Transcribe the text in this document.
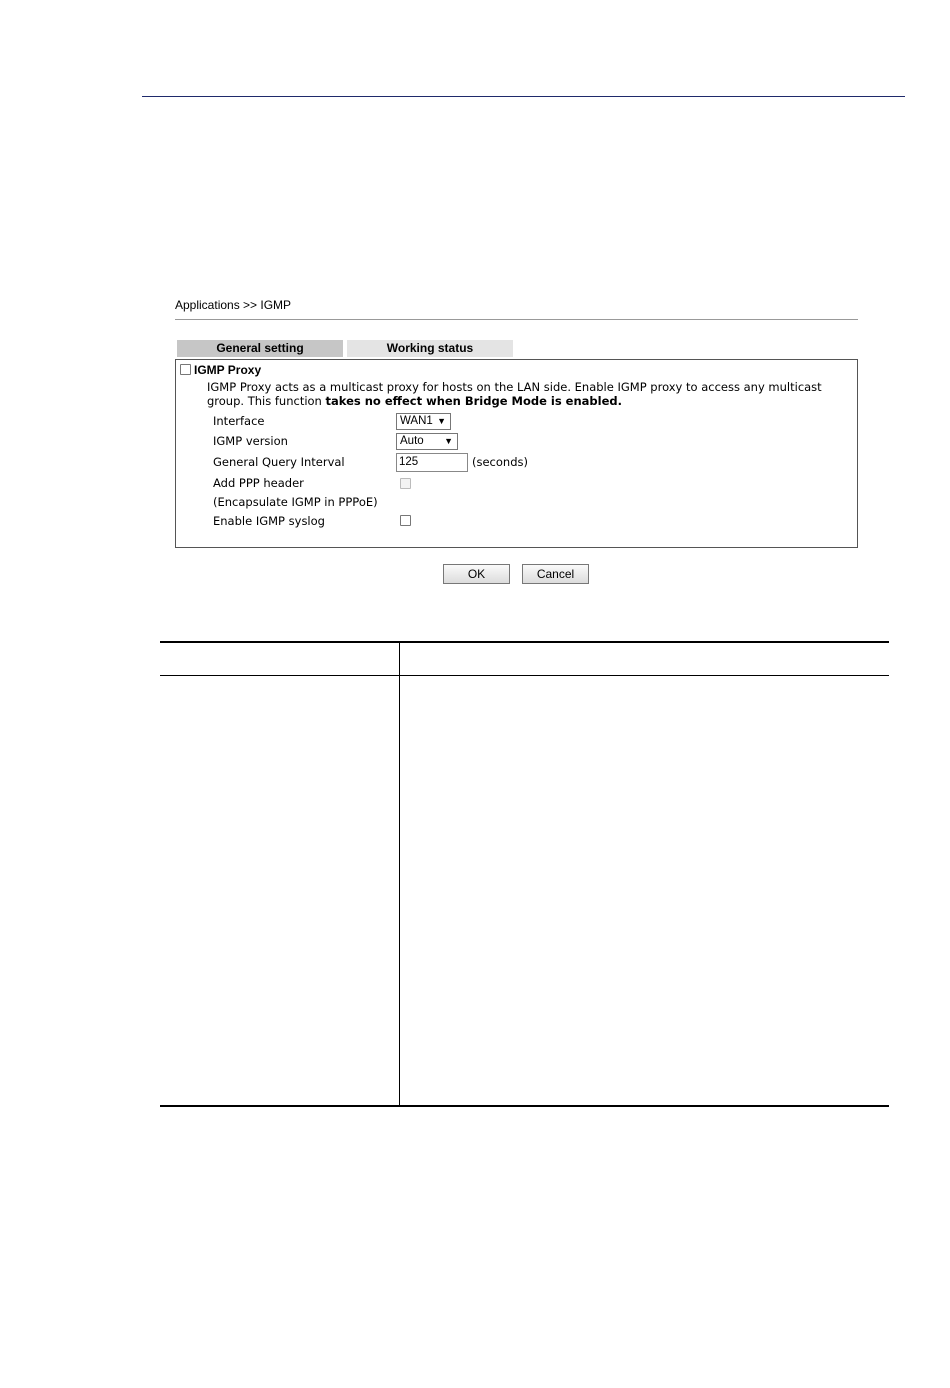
Applications >> IGMP
General setting	Working status
IGMP Proxy
IGMP Proxy acts as a multicast proxy for hosts on the LAN side. Enable IGMP proxy to access any multicast group. This function takes no effect when Bridge Mode is enabled.
Interface	WAN1 ▼
IGMP version	Auto ▼
General Query Interval	125	(seconds)
Add PPP header
(Encapsulate IGMP in PPPoE)
Enable IGMP syslog
OK	Cancel
